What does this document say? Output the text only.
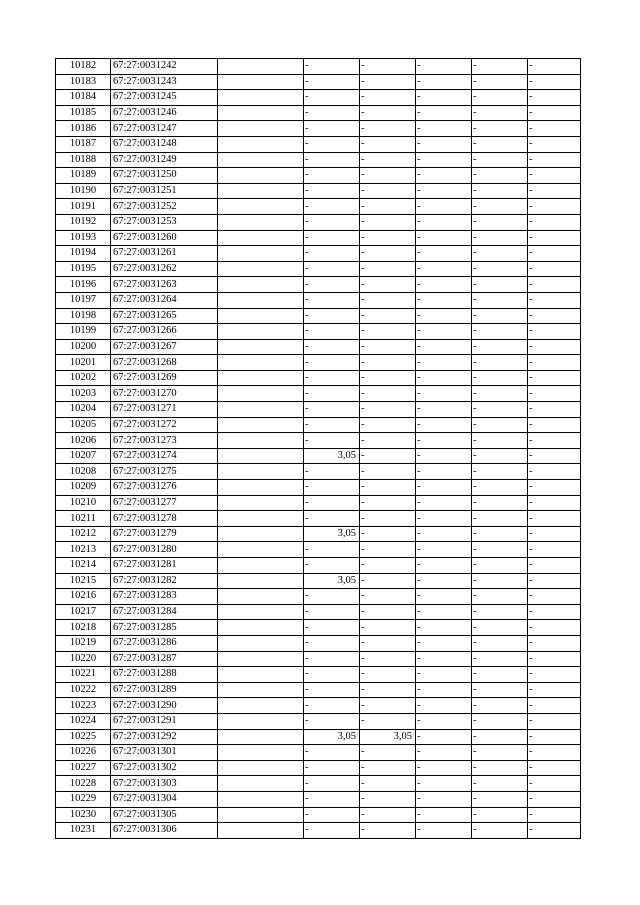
10182	67:27:0031242		-	-	-	-	-
10183	67:27:0031243		-	-	-	-	-
10184	67:27:0031245		-	-	-	-	-
10185	67:27:0031246		-	-	-	-	-
10186	67:27:0031247		-	-	-	-	-
10187	67:27:0031248		-	-	-	-	-
10188	67:27:0031249		-	-	-	-	-
10189	67:27:0031250		-	-	-	-	-
10190	67:27:0031251		-	-	-	-	-
10191	67:27:0031252		-	-	-	-	-
10192	67:27:0031253		-	-	-	-	-
10193	67:27:0031260		-	-	-	-	-
10194	67:27:0031261		-	-	-	-	-
10195	67:27:0031262		-	-	-	-	-
10196	67:27:0031263		-	-	-	-	-
10197	67:27:0031264		-	-	-	-	-
10198	67:27:0031265		-	-	-	-	-
10199	67:27:0031266		-	-	-	-	-
10200	67:27:0031267		-	-	-	-	-
10201	67:27:0031268		-	-	-	-	-
10202	67:27:0031269		-	-	-	-	-
10203	67:27:0031270		-	-	-	-	-
10204	67:27:0031271		-	-	-	-	-
10205	67:27:0031272		-	-	-	-	-
10206	67:27:0031273		-	-	-	-	-
10207	67:27:0031274		3,05	-	-	-	-
10208	67:27:0031275		-	-	-	-	-
10209	67:27:0031276		-	-	-	-	-
10210	67:27:0031277		-	-	-	-	-
10211	67:27:0031278		-	-	-	-	-
10212	67:27:0031279		3,05	-	-	-	-
10213	67:27:0031280		-	-	-	-	-
10214	67:27:0031281		-	-	-	-	-
10215	67:27:0031282		3,05	-	-	-	-
10216	67:27:0031283		-	-	-	-	-
10217	67:27:0031284		-	-	-	-	-
10218	67:27:0031285		-	-	-	-	-
10219	67:27:0031286		-	-	-	-	-
10220	67:27:0031287		-	-	-	-	-
10221	67:27:0031288		-	-	-	-	-
10222	67:27:0031289		-	-	-	-	-
10223	67:27:0031290		-	-	-	-	-
10224	67:27:0031291		-	-	-	-	-
10225	67:27:0031292		3,05	3,05	-	-	-
10226	67:27:0031301		-	-	-	-	-
10227	67:27:0031302		-	-	-	-	-
10228	67:27:0031303		-	-	-	-	-
10229	67:27:0031304		-	-	-	-	-
10230	67:27:0031305		-	-	-	-	-
10231	67:27:0031306		-	-	-	-	-
